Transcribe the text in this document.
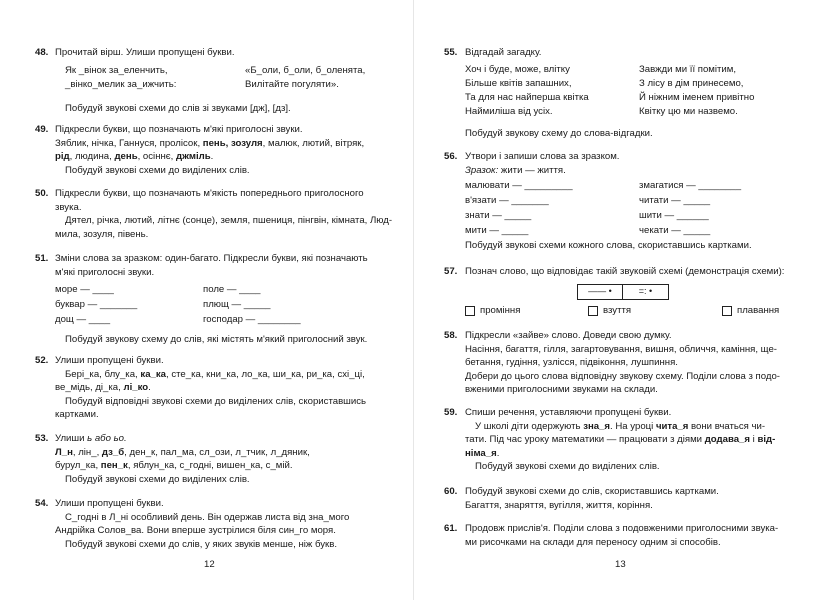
48. Прочитай вірш. Улиши пропущені букви.
Як _вінок за_еленчить,	«Б_оли, б_оли, б_оленята,
_вінко_мелик за_ижчить:	Вилітайте погуляти».
Побудуй звукові схеми до слів зі звуками [дж], [дз].
49. Підкресли букви, що позначають м'які приголосні звуки.
Зяблик, нічка, Ганнуся, пролісок, пень, зозуля, малюк, лютий, вітряк,
рід, людина, день, осіннє, джміль.
Побудуй звукові схеми до виділених слів.
50. Підкресли букви, що позначають м'якість попереднього приголосного
звука.
Дятел, річка, лютий, літнє (сонце), земля, пшениця, пінгвін, кімната, Люд-
мила, зозуля, півень.
51. Зміни слова за зразком: один-багато. Підкресли букви, які позначають
м'які приголосні звуки.
море — ____	поле — ____
буквар — _______	плющ — _____
дощ — ____	господар — ________
Побудуй звукову схему до слів, які містять м'який приголосний звук.
52. Улиши пропущені букви.
Бері_ка, блу_ка, ка_ка, сте_ка, кни_ка, ло_ка, ши_ка, ри_ка, схі_ці,
ве_мідь, ді_ка, лі_ко.
Побудуй відповідні звукові схеми до виділених слів, скориставшись
картками.
53. Улиши ь або ьо.
Л_н, лін_, дз_б, ден_к, пал_ма, сл_ози, л_тчик, л_дяник,
бурул_ка, пен_к, яблун_ка, с_годні, вишен_ка, с_мій.
Побудуй звукові схеми до виділених слів.
54. Улиши пропущені букви.
С_годні в Л_ні особливий день. Він одержав листа від зна_мого
Андрійка Солов_ва. Вони вперше зустрілися біля син_го моря.
Побудуй звукові схеми до слів, у яких звуків менше, ніж букв.
12
55. Відгадай загадку.
Хоч і буде, може, влітку	Завжди ми її помітим,
Більше квітів запашних,	З лісу в дім принесемо,
Та для нас найперша квітка	Й ніжним іменем привітно
Наймиліша від усіх.	Квітку цю ми назвемо.
Побудуй звукову схему до слова-відгадки.
56. Утвори і запиши слова за зразком.
Зразок: жити — життя.
малювати — _________	змагатися — ________
в'язати — _______	читати — _____
знати — _____	шити — ______
мити — _____	чекати — _____
Побудуй звукові схеми кожного слова, скориставшись картками.
57. Познач слово, що відповідає такій звуковій схемі (демонстрація схеми):
—— •	=: •
проміння	взуття	плавання
58. Підкресли «зайве» слово. Доведи свою думку.
Насіння, багаття, гілля, загартовування, вишня, обличчя, каміння, ще-
бетання, гудіння, узлісся, підвіконня, лушпиння.
Добери до цього слова відповідну звукову схему. Поділи слова з подо-
вженими приголосними звуками на склади.
59. Спиши речення, уставляючи пропущені букви.
У школі діти одержують зна_я. На уроці чита_я вони вчаться чи-
тати. Під час уроку математики — працювати з діями додава_я і від-
німа_я.
Побудуй звукові схеми до виділених слів.
60. Побудуй звукові схеми до слів, скориставшись картками.
Багаття, знаряття, вугілля, життя, коріння.
61. Продовж прислів'я. Поділи слова з подовженими приголосними звука-
ми рисочками на склади для переносу одним зі способів.
13
